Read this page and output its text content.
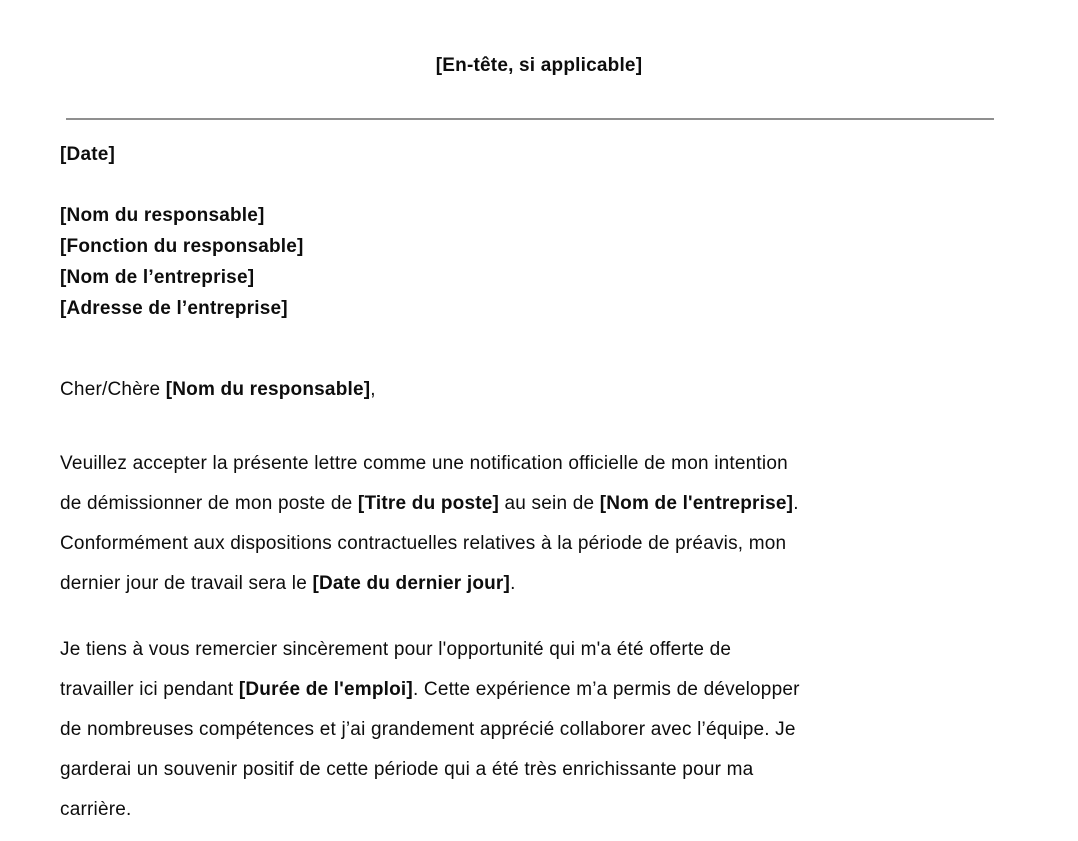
[En-tête, si applicable]

[Date]

[Nom du responsable]
[Fonction du responsable]
[Nom de l’entreprise]
[Adresse de l’entreprise]

Cher/Chère [Nom du responsable],

Veuillez accepter la présente lettre comme une notification officielle de mon intention
de démissionner de mon poste de [Titre du poste] au sein de [Nom de l'entreprise].
Conformément aux dispositions contractuelles relatives à la période de préavis, mon
dernier jour de travail sera le [Date du dernier jour].

Je tiens à vous remercier sincèrement pour l'opportunité qui m'a été offerte de
travailler ici pendant [Durée de l'emploi]. Cette expérience m’a permis de développer
de nombreuses compétences et j’ai grandement apprécié collaborer avec l’équipe. Je
garderai un souvenir positif de cette période qui a été très enrichissante pour ma
carrière.
